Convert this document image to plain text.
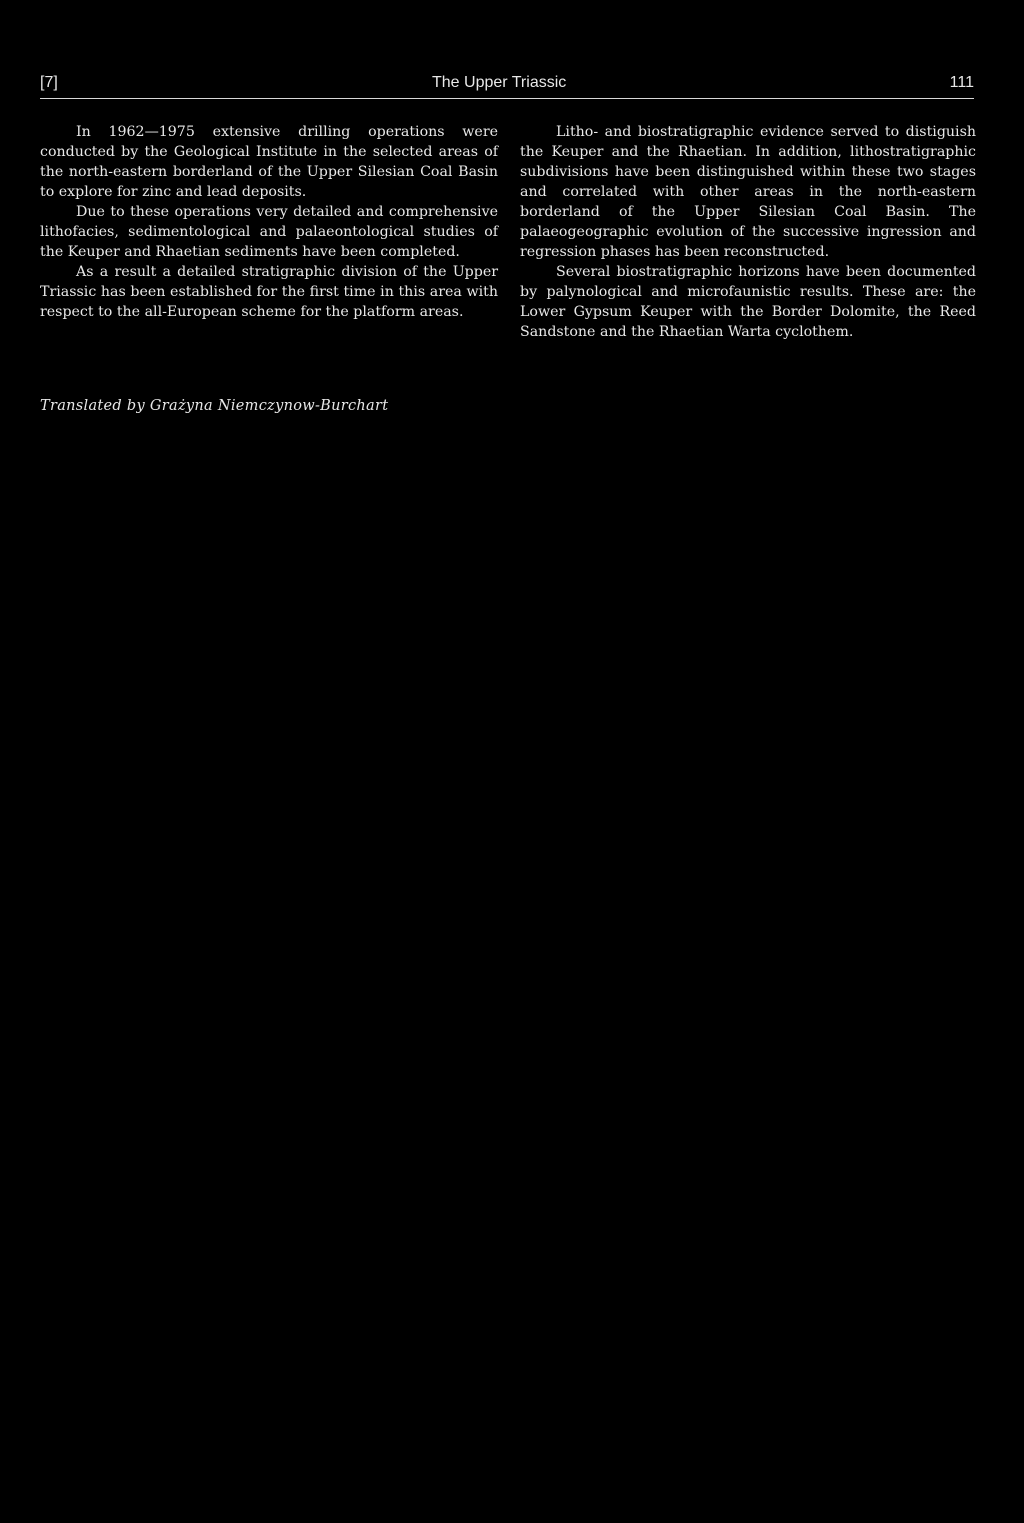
[7]	The Upper Triassic	111

In 1962—1975 extensive drilling operations were conducted by the Geological Institute in the selected areas of the north-eastern borderland of the Upper Silesian Coal Basin to explore for zinc and lead deposits.

Due to these operations very detailed and comprehensive lithofacies, sedimentological and palaeontological studies of the Keuper and Rhaetian sediments have been completed.

As a result a detailed stratigraphic division of the Upper Triassic has been established for the first time in this area with respect to the all-European scheme for the platform areas.

Litho- and biostratigraphic evidence served to distiguish the Keuper and the Rhaetian. In addition, lithostratigraphic subdivisions have been distinguished within these two stages and correlated with other areas in the north-eastern borderland of the Upper Silesian Coal Basin. The palaeogeographic evolution of the successive ingression and regression phases has been reconstructed.

Several biostratigraphic horizons have been documented by palynological and microfaunistic results. These are: the Lower Gypsum Keuper with the Border Dolomite, the Reed Sandstone and the Rhaetian Warta cyclothem.

Translated by Grażyna Niemczynow-Burchart
